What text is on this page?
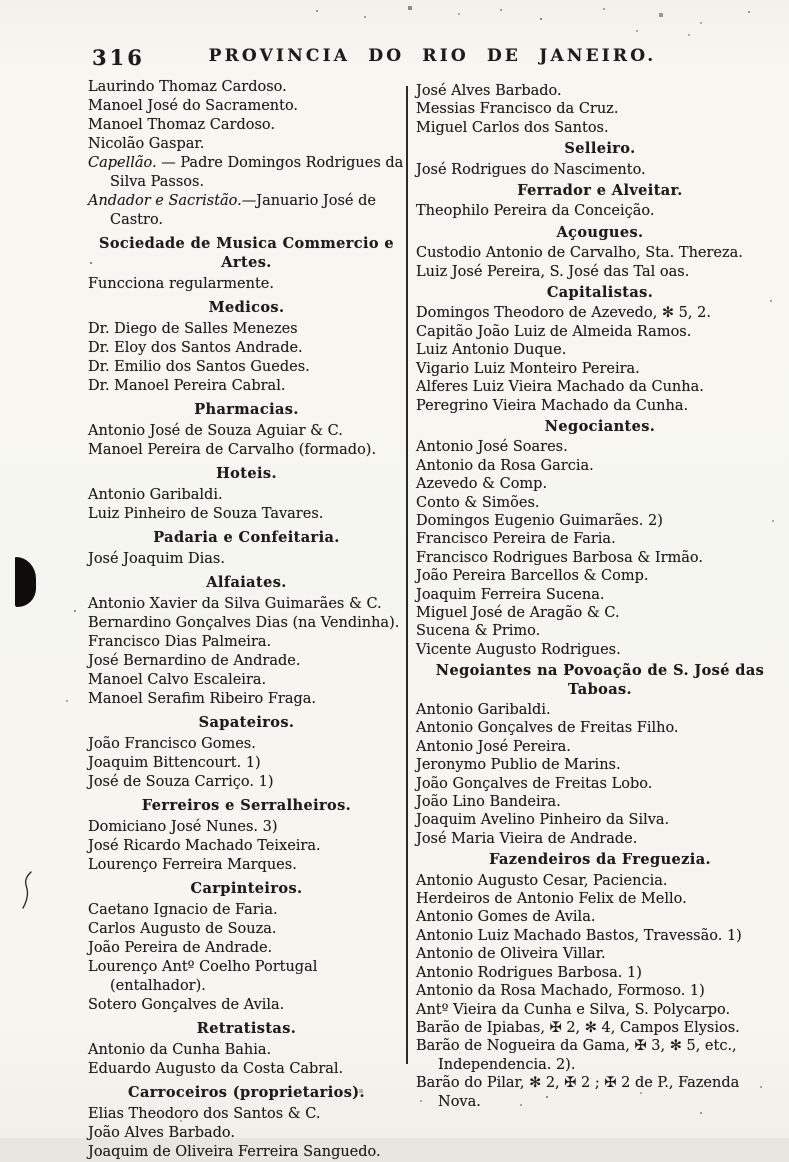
316	PROVINCIA DO RIO DE JANEIRO.

Laurindo Thomaz Cardoso.

Manoel José do Sacramento.

Manoel Thomaz Cardoso.

Nicolão Gaspar.

Capellão. — Padre Domingos Rodrigues da Silva Passos.

Andador e Sacristão.—Januario José de Castro.

Sociedade de Musica Commercio e Artes.

Funcciona regularmente.

Medicos.

Dr. Diego de Salles Menezes

Dr. Eloy dos Santos Andrade.

Dr. Emilio dos Santos Guedes.

Dr. Manoel Pereira Cabral.

Pharmacias.

Antonio José de Souza Aguiar & C.

Manoel Pereira de Carvalho (formado).

Hoteis.

Antonio Garibaldi.

Luiz Pinheiro de Souza Tavares.

Padaria e Confeitaria.

José Joaquim Dias.

Alfaiates.

Antonio Xavier da Silva Guimarães & C.

Bernardino Gonçalves Dias (na Vendinha).

Francisco Dias Palmeira.

José Bernardino de Andrade.

Manoel Calvo Escaleira.

Manoel Serafim Ribeiro Fraga.

Sapateiros.

João Francisco Gomes.

Joaquim Bittencourt. 1)

José de Souza Carriço. 1)

Ferreiros e Serralheiros.

Domiciano José Nunes. 3)

José Ricardo Machado Teixeira.

Lourenço Ferreira Marques.

Carpinteiros.

Caetano Ignacio de Faria.

Carlos Augusto de Souza.

João Pereira de Andrade.

Lourenço Antº Coelho Portugal (entalhador).

Sotero Gonçalves de Avila.

Retratistas.

Antonio da Cunha Bahia.

Eduardo Augusto da Costa Cabral.

Carroceiros (proprietarios).

Elias Theodoro dos Santos & C.

João Alves Barbado.

Joaquim de Oliveira Ferreira Sanguedo.

José Alves Barbado.

Messias Francisco da Cruz.

Miguel Carlos dos Santos.

Selleiro.

José Rodrigues do Nascimento.

Ferrador e Alveitar.

Theophilo Pereira da Conceição.

Açougues.

Custodio Antonio de Carvalho, Sta. Thereza.

Luiz José Pereira, S. José das Tal oas.

Capitalistas.

Domingos Theodoro de Azevedo, ✻ 5, 2.

Capitão João Luiz de Almeida Ramos.

Luiz Antonio Duque.

Vigario Luiz Monteiro Pereira.

Alferes Luiz Vieira Machado da Cunha.

Peregrino Vieira Machado da Cunha.

Negociantes.

Antonio José Soares.

Antonio da Rosa Garcia.

Azevedo & Comp.

Conto & Simões.

Domingos Eugenio Guimarães. 2)

Francisco Pereira de Faria.

Francisco Rodrigues Barbosa & Irmão.

João Pereira Barcellos & Comp.

Joaquim Ferreira Sucena.

Miguel José de Aragão & C.

Sucena & Primo.

Vicente Augusto Rodrigues.

Negoiantes na Povoação de S. José das Taboas.

Antonio Garibaldi.

Antonio Gonçalves de Freitas Filho.

Antonio José Pereira.

Jeronymo Publio de Marins.

João Gonçalves de Freitas Lobo.

João Lino Bandeira.

Joaquim Avelino Pinheiro da Silva.

José Maria Vieira de Andrade.

Fazendeiros da Freguezia.

Antonio Augusto Cesar, Paciencia.

Herdeiros de Antonio Felix de Mello.

Antonio Gomes de Avila.

Antonio Luiz Machado Bastos, Travessão. 1)

Antonio de Oliveira Villar.

Antonio Rodrigues Barbosa. 1)

Antonio da Rosa Machado, Formoso. 1)

Antº Vieira da Cunha e Silva, S. Polycarpo.

Barão de Ipiabas, ✠ 2, ✻ 4, Campos Elysios.

Barão de Nogueira da Gama, ✠ 3, ✻ 5, etc., Independencia. 2).

Barão do Pilar, ✻ 2, ✠ 2 ; ✠ 2 de P., Fazenda Nova.
